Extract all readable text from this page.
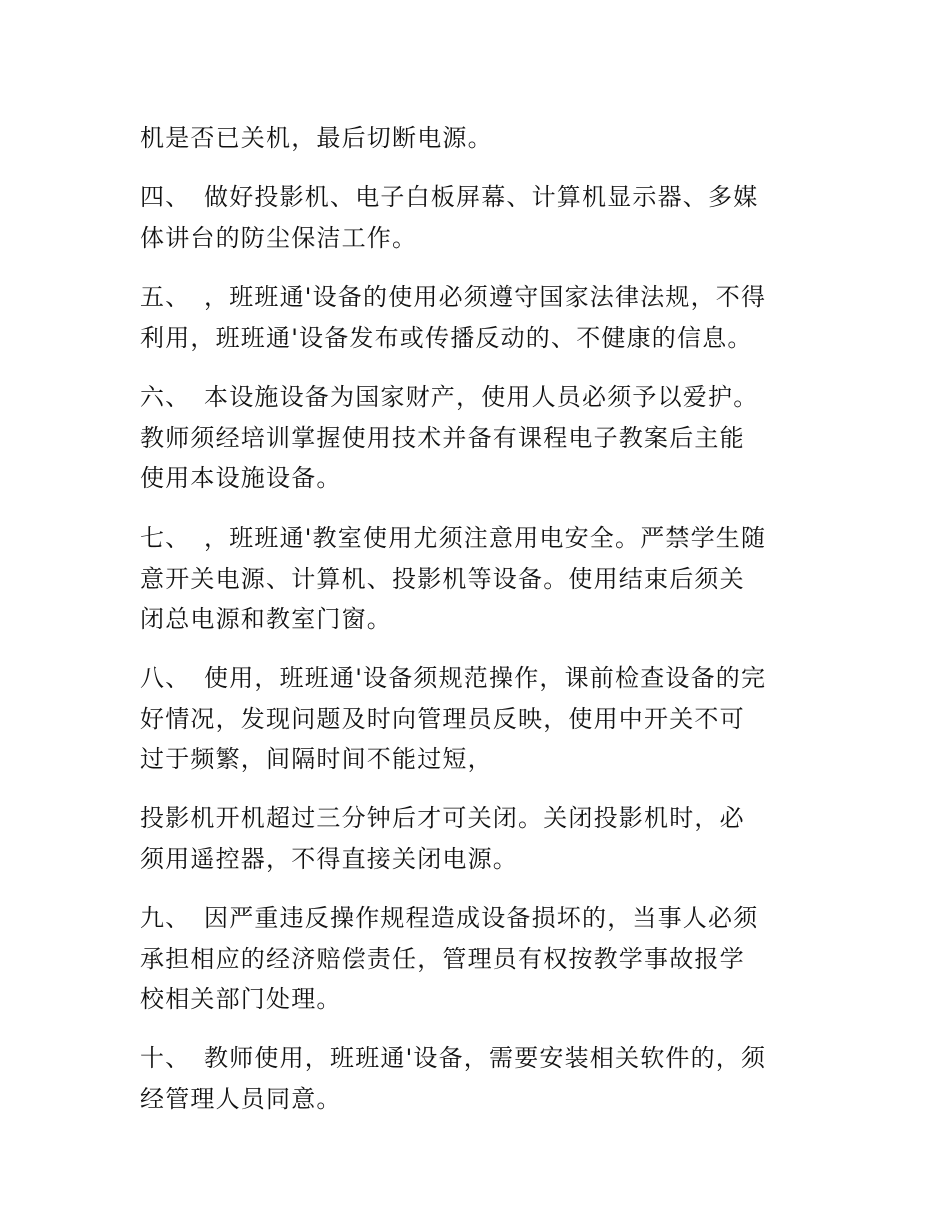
机是否已关机，最后切断电源。
四、 做好投影机、电子白板屏幕、计算机显示器、多媒
体讲台的防尘保洁工作。
五、 ，班班通'设备的使用必须遵守国家法律法规，不得
利用，班班通'设备发布或传播反动的、不健康的信息。
六、 本设施设备为国家财产，使用人员必须予以爱护。
教师须经培训掌握使用技术并备有课程电子教案后主能
使用本设施设备。
七、 ，班班通'教室使用尤须注意用电安全。严禁学生随
意开关电源、计算机、投影机等设备。使用结束后须关
闭总电源和教室门窗。
八、 使用，班班通'设备须规范操作，课前检查设备的完
好情况，发现问题及时向管理员反映，使用中开关不可
过于频繁，间隔时间不能过短，
投影机开机超过三分钟后才可关闭。关闭投影机时，必
须用遥控器，不得直接关闭电源。
九、 因严重违反操作规程造成设备损坏的，当事人必须
承担相应的经济赔偿责任，管理员有权按教学事故报学
校相关部门处理。
十、 教师使用，班班通'设备，需要安装相关软件的，须
经管理人员同意。
